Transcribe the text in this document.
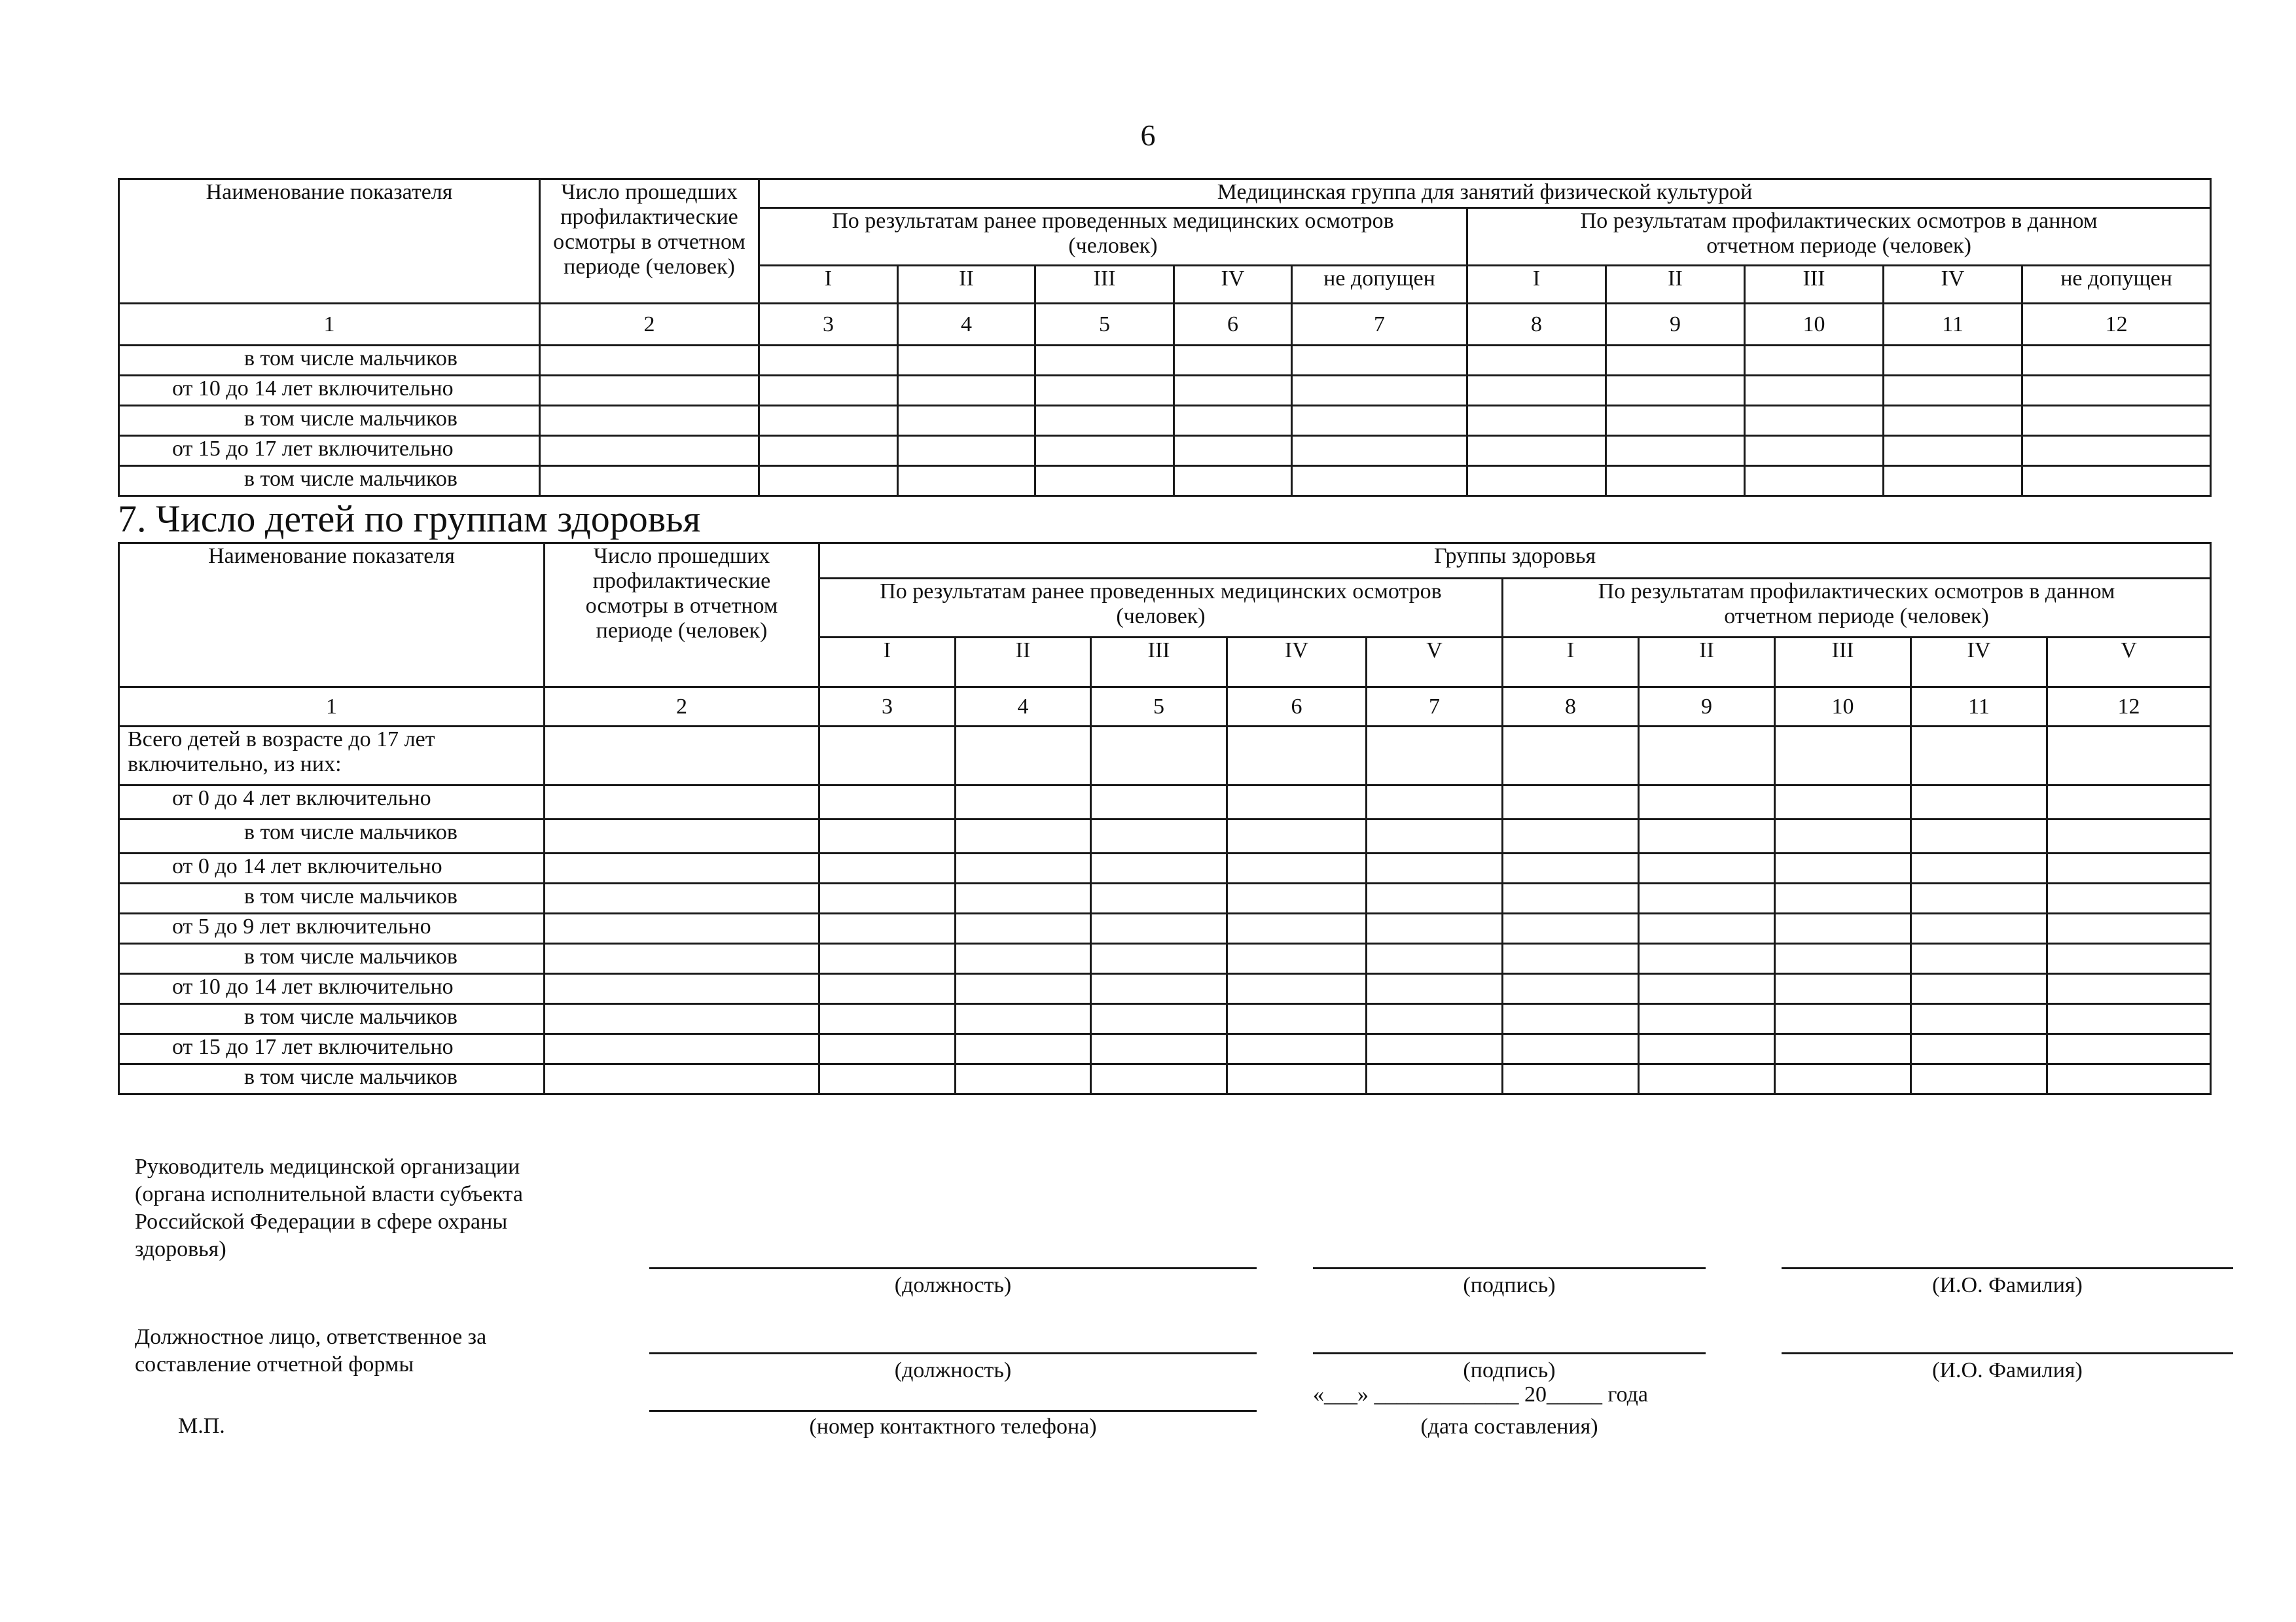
6
Наименование показателя	Число прошедших профилактические осмотры в отчетном периоде (человек)	Медицинская группа для занятий физической культурой									
		По результатам ранее проведенных медицинских осмотров (человек)					По результатам профилактических осмотров в данном отчетном периоде (человек)				
		I	II	III	IV	не допущен	I	II	III	IV	не допущен
1	2	3	4	5	6	7	8	9	10	11	12
в том числе мальчиков											
от 10 до 14 лет включительно											
в том числе мальчиков											
от 15 до 17 лет включительно											
в том числе мальчиков											
7. Число детей по группам здоровья
Наименование показателя	Число прошедших профилактические осмотры в отчетном периоде (человек)	Группы здоровья									
		По результатам ранее проведенных медицинских осмотров (человек)					По результатам профилактических осмотров в данном отчетном периоде (человек)				
		I	II	III	IV	V	I	II	III	IV	V
1	2	3	4	5	6	7	8	9	10	11	12
Всего детей в возрасте до 17 лет включительно, из них:											
от 0 до 4 лет включительно											
в том числе мальчиков											
от 0 до 14 лет включительно											
в том числе мальчиков											
от 5 до 9 лет включительно											
в том числе мальчиков											
от 10 до 14 лет включительно											
в том числе мальчиков											
от 15 до 17 лет включительно											
в том числе мальчиков											
Руководитель медицинской организации (органа исполнительной власти субъекта Российской Федерации в сфере охраны здоровья)
(должность)	(подпись)	(И.О. Фамилия)
Должностное лицо, ответственное за составление отчетной формы	(должность)	(подпись)	(И.О. Фамилия)
М.П.	(номер контактного телефона)
«___» _____________ 20_____ года
(дата составления)
